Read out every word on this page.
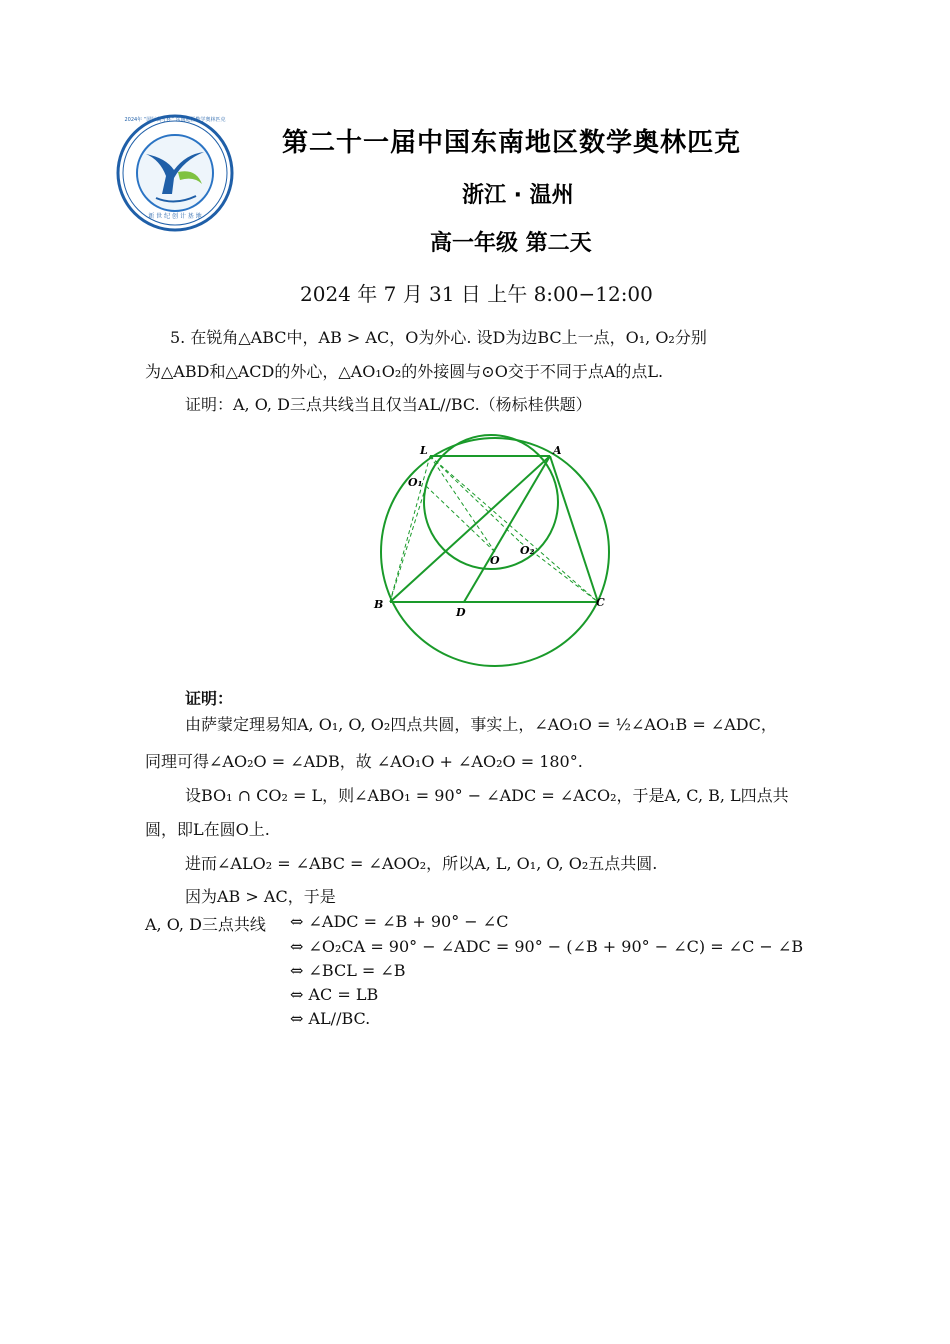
新 世 纪 创 计 基 地
2024年 “国际高才杯” 东南地区数学奥林匹克
第二十一届中国东南地区数学奥林匹克
浙江 · 温州
高一年级 第二天
2024 年 7 月 31 日 上午 8:00−12:00
5. 在锐角△ABC中，AB > AC，O为外心. 设D为边BC上一点，O₁, O₂分别
为△ABD和△ACD的外心，△AO₁O₂的外接圆与⊙O交于不同于点A的点L.
证明：A, O, D三点共线当且仅当AL//BC.（杨标桂供题）
L	A
O₁
O
O₂
B
D
C
证明：
由萨蒙定理易知A, O₁, O, O₂四点共圆，事实上，∠AO₁O = ½∠AO₁B = ∠ADC，
同理可得∠AO₂O = ∠ADB，故 ∠AO₁O + ∠AO₂O = 180°.
设BO₁ ∩ CO₂ = L，则∠ABO₁ = 90° − ∠ADC = ∠ACO₂，于是A, C, B, L四点共
圆，即L在圆O上.
进而∠ALO₂ = ∠ABC = ∠AOO₂，所以A, L, O₁, O, O₂五点共圆.
因为AB > AC，于是
A, O, D三点共线 ⇔ ∠ADC = ∠B + 90° − ∠C
⇔ ∠O₂CA = 90° − ∠ADC = 90° − (∠B + 90° − ∠C) = ∠C − ∠B
⇔ ∠BCL = ∠B
⇔ AC = LB
⇔ AL//BC.
